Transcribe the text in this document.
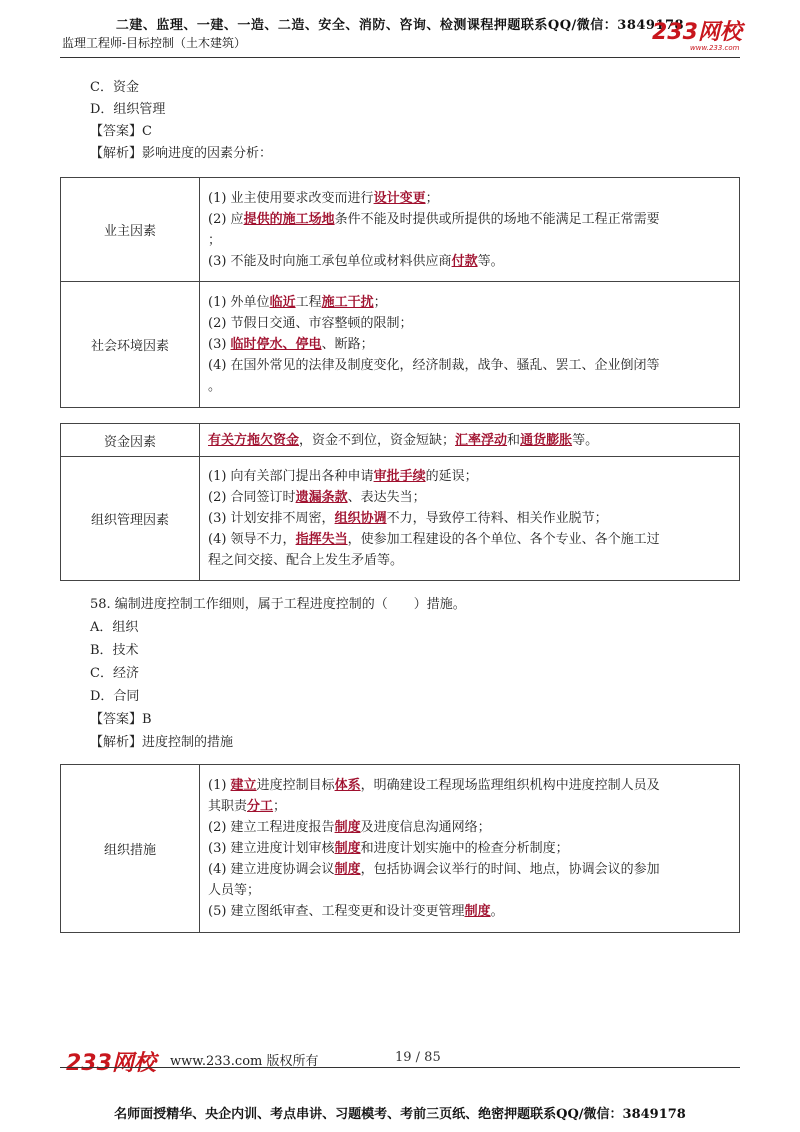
二建、监理、一建、一造、二造、安全、消防、咨询、检测课程押题联系QQ/微信：3849178
监理工程师-目标控制（土木建筑）	233网校
www.233.com
C．资金
D．组织管理
【答案】C
【解析】影响进度的因素分析：
业主因素	(1) 业主使用要求改变而进行设计变更；
(2) 应提供的施工场地条件不能及时提供或所提供的场地不能满足工程正常需要
；
(3) 不能及时向施工承包单位或材料供应商付款等。

社会环境因素	(1) 外单位临近工程施工干扰；
(2) 节假日交通、市容整顿的限制；
(3) 临时停水、停电、断路；
(4) 在国外常见的法律及制度变化，经济制裁，战争、骚乱、罢工、企业倒闭等
。
资金因素	有关方拖欠资金，资金不到位，资金短缺；汇率浮动和通货膨胀等。

组织管理因素	(1) 向有关部门提出各种申请审批手续的延误；
(2) 合同签订时遗漏条款、表达失当；
(3) 计划安排不周密，组织协调不力，导致停工待料、相关作业脱节；
(4) 领导不力，指挥失当，使参加工程建设的各个单位、各个专业、各个施工过
程之间交接、配合上发生矛盾等。
58. 编制进度控制工作细则，属于工程进度控制的（　　）措施。
A．组织
B．技术
C．经济
D．合同
【答案】B
【解析】进度控制的措施
组织措施	
(1) 建立进度控制目标体系，明确建设工程现场监理组织机构中进度控制人员及
其职责分工；
(2) 建立工程进度报告制度及进度信息沟通网络；
(3) 建立进度计划审核制度和进度计划实施中的检查分析制度；
(4) 建立进度协调会议制度，包括协调会议举行的时间、地点，协调会议的参加
人员等；
(5) 建立图纸审查、工程变更和设计变更管理制度。
233网校 www.233.com 版权所有	19 / 85
名师面授精华、央企内训、考点串讲、习题模考、考前三页纸、绝密押题联系QQ/微信：3849178
